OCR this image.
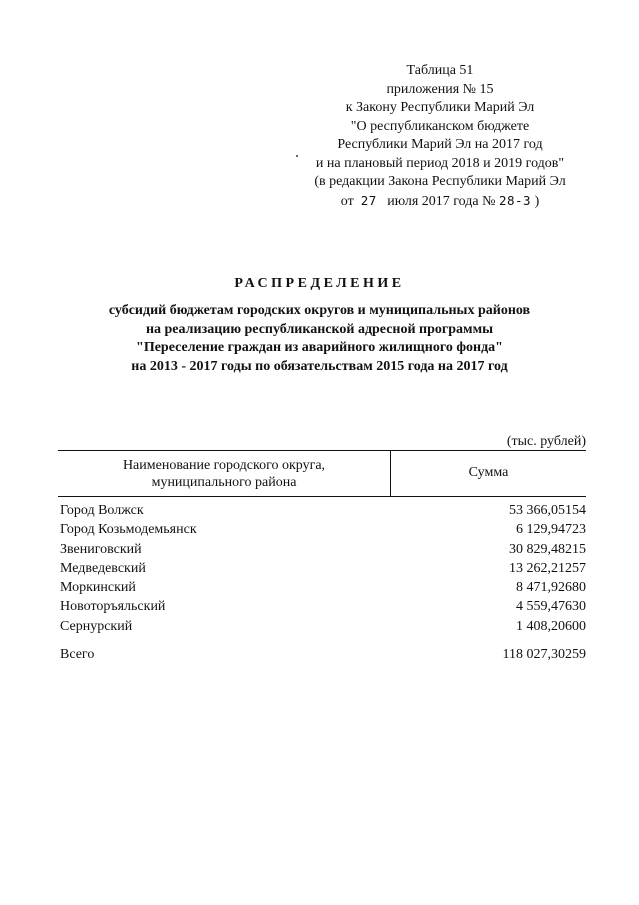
Таблица 51
приложения № 15
к Закону Республики Марий Эл
"О республиканском бюджете
Республики Марий Эл на 2017 год
и на плановый период 2018 и 2019 годов"
(в редакции Закона Республики Марий Эл
от 27 июля 2017 года № 28-3 )
РАСПРЕДЕЛЕНИЕ
субсидий бюджетам городских округов и муниципальных районов
на реализацию республиканской адресной программы
"Переселение граждан из аварийного жилищного фонда"
на 2013 - 2017 годы по обязательствам 2015 года на 2017 год
(тыс. рублей)
Наименование городского округа,
муниципального района
Сумма
Город Волжск	53 366,05154
Город Козьмодемьянск	6 129,94723
Звениговский	30 829,48215
Медведевский	13 262,21257
Моркинский	8 471,92680
Новоторъяльский	4 559,47630
Сернурский	1 408,20600
Всего	118 027,30259
